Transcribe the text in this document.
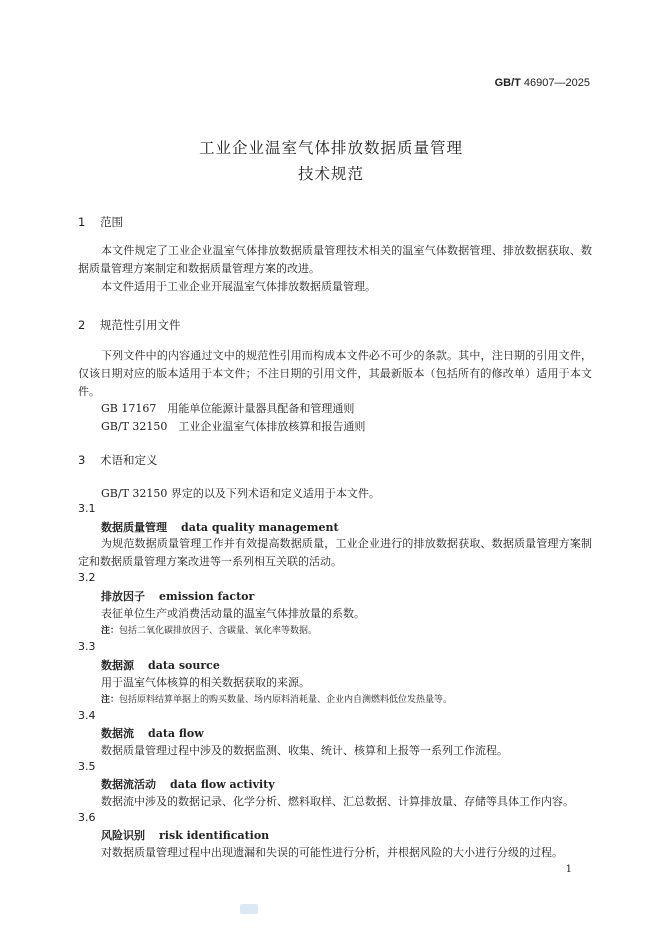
GB/T 46907—2025
工业企业温室气体排放数据质量管理
技术规范
1 范围
本文件规定了工业企业温室气体排放数据质量管理技术相关的温室气体数据管理、排放数据获取、数据质量管理方案制定和数据质量管理方案的改进。
本文件适用于工业企业开展温室气体排放数据质量管理。
2 规范性引用文件
下列文件中的内容通过文中的规范性引用而构成本文件必不可少的条款。其中，注日期的引用文件，仅该日期对应的版本适用于本文件；不注日期的引用文件，其最新版本（包括所有的修改单）适用于本文件。
GB 17167　用能单位能源计量器具配备和管理通则
GB/T 32150　工业企业温室气体排放核算和报告通则
3 术语和定义
GB/T 32150 界定的以及下列术语和定义适用于本文件。
3.1
数据质量管理 data quality management
为规范数据质量管理工作并有效提高数据质量，工业企业进行的排放数据获取、数据质量管理方案制定和数据质量管理方案改进等一系列相互关联的活动。
3.2
排放因子 emission factor
表征单位生产或消费活动量的温室气体排放量的系数。
注：包括二氧化碳排放因子、含碳量、氧化率等数据。
3.3
数据源 data source
用于温室气体核算的相关数据获取的来源。
注：包括原料结算单据上的购买数量、场内原料消耗量、企业内自测燃料低位发热量等。
3.4
数据流 data flow
数据质量管理过程中涉及的数据监测、收集、统计、核算和上报等一系列工作流程。
3.5
数据流活动 data flow activity
数据流中涉及的数据记录、化学分析、燃料取样、汇总数据、计算排放量、存储等具体工作内容。
3.6
风险识别 risk identification
对数据质量管理过程中出现遗漏和失误的可能性进行分析，并根据风险的大小进行分级的过程。
1
